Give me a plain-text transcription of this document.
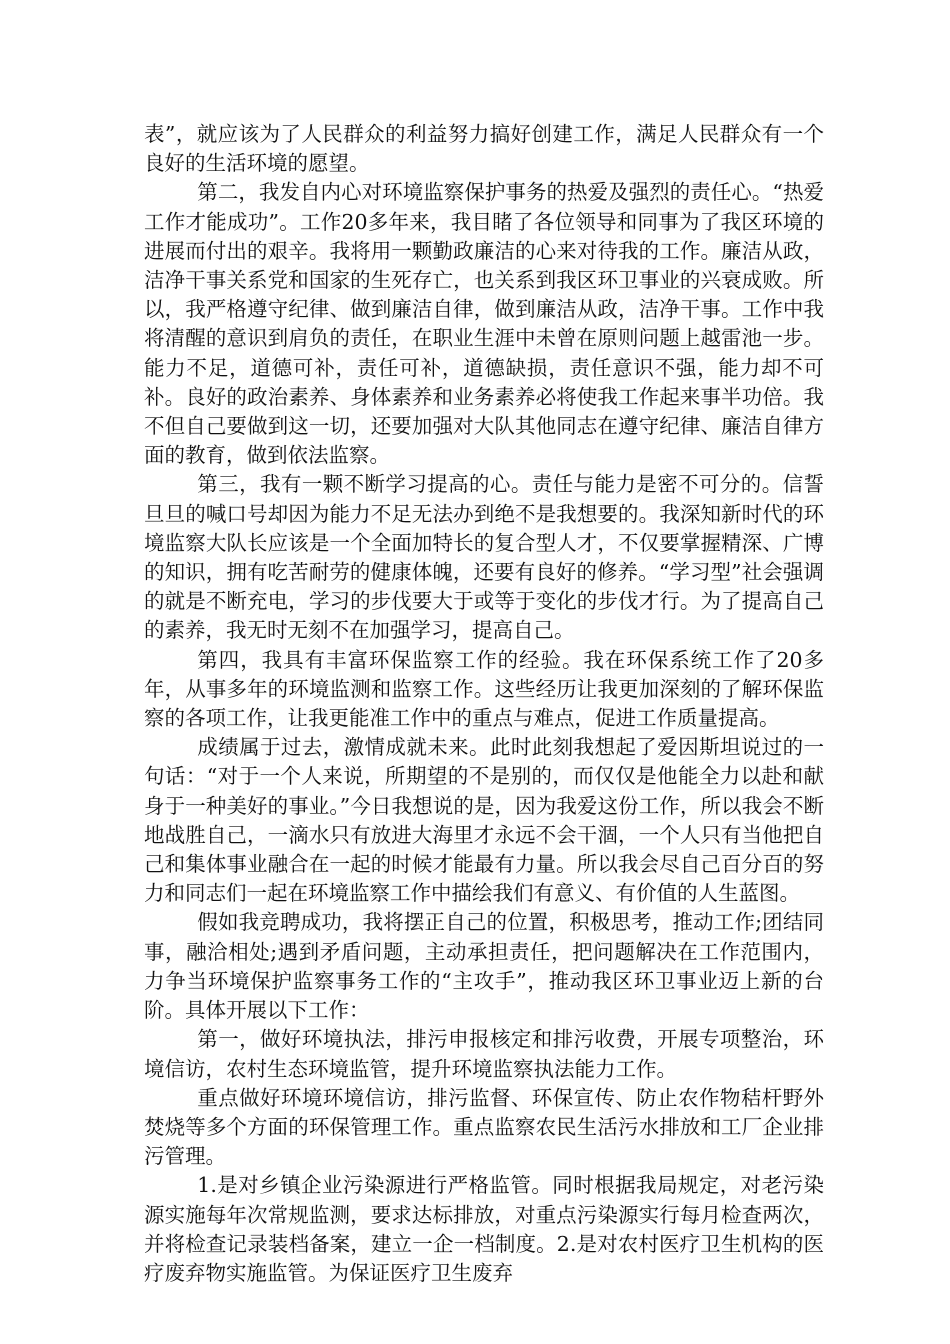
表”，就应该为了人民群众的利益努力搞好创建工作，满足人民群众有一个良好的生活环境的愿望。

第二，我发自内心对环境监察保护事务的热爱及强烈的责任心。“热爱工作才能成功”。工作20多年来，我目睹了各位领导和同事为了我区环境的进展而付出的艰辛。我将用一颗勤政廉洁的心来对待我的工作。廉洁从政，洁净干事关系党和国家的生死存亡，也关系到我区环卫事业的兴衰成败。所以，我严格遵守纪律、做到廉洁自律，做到廉洁从政，洁净干事。工作中我将清醒的意识到肩负的责任，在职业生涯中未曾在原则问题上越雷池一步。能力不足，道德可补，责任可补，道德缺损，责任意识不强，能力却不可补。良好的政治素养、身体素养和业务素养必将使我工作起来事半功倍。我不但自己要做到这一切，还要加强对大队其他同志在遵守纪律、廉洁自律方面的教育，做到依法监察。

第三，我有一颗不断学习提高的心。责任与能力是密不可分的。信誓旦旦的喊口号却因为能力不足无法办到绝不是我想要的。我深知新时代的环境监察大队长应该是一个全面加特长的复合型人才，不仅要掌握精深、广博的知识，拥有吃苦耐劳的健康体魄，还要有良好的修养。“学习型”社会强调的就是不断充电，学习的步伐要大于或等于变化的步伐才行。为了提高自己的素养，我无时无刻不在加强学习，提高自己。

第四，我具有丰富环保监察工作的经验。我在环保系统工作了20多年，从事多年的环境监测和监察工作。这些经历让我更加深刻的了解环保监察的各项工作，让我更能准工作中的重点与难点，促进工作质量提高。

成绩属于过去，激情成就未来。此时此刻我想起了爱因斯坦说过的一句话：“对于一个人来说，所期望的不是别的，而仅仅是他能全力以赴和献身于一种美好的事业。”今日我想说的是，因为我爱这份工作，所以我会不断地战胜自己，一滴水只有放进大海里才永远不会干涸，一个人只有当他把自己和集体事业融合在一起的时候才能最有力量。所以我会尽自己百分百的努力和同志们一起在环境监察工作中描绘我们有意义、有价值的人生蓝图。

假如我竞聘成功，我将摆正自己的位置，积极思考，推动工作;团结同事，融洽相处;遇到矛盾问题，主动承担责任，把问题解决在工作范围内，力争当环境保护监察事务工作的“主攻手”，推动我区环卫事业迈上新的台阶。具体开展以下工作：

第一，做好环境执法，排污申报核定和排污收费，开展专项整治，环境信访，农村生态环境监管，提升环境监察执法能力工作。

重点做好环境环境信访，排污监督、环保宣传、防止农作物秸杆野外焚烧等多个方面的环保管理工作。重点监察农民生活污水排放和工厂企业排污管理。

1.是对乡镇企业污染源进行严格监管。同时根据我局规定，对老污染源实施每年次常规监测，要求达标排放，对重点污染源实行每月检查两次，并将检查记录装档备案，建立一企一档制度。2.是对农村医疗卫生机构的医疗废弃物实施监管。为保证医疗卫生废弃
